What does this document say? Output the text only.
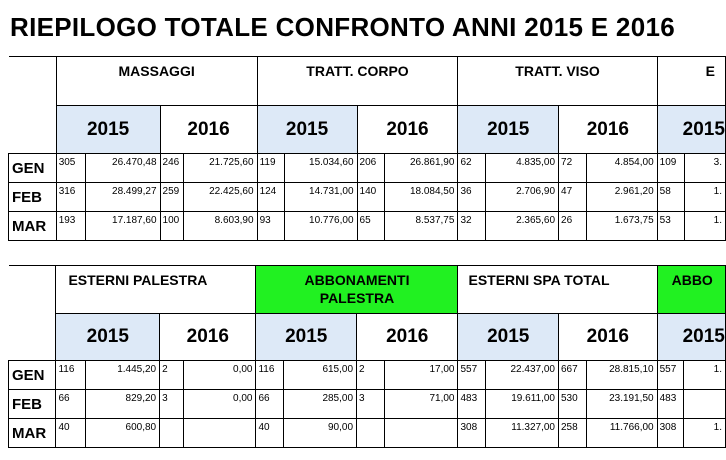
RIEPILOGO TOTALE CONFRONTO ANNI 2015 E 2016
	MASSAGGI				TRATT. CORPO				TRATT. VISO				E	
	2015		2016		2015		2016		2015		2016		2015	
GEN	305	26.470,48	246	21.725,60	119	15.034,60	206	26.861,90	62	4.835,00	72	4.854,00	109	3.
FEB	316	28.499,27	259	22.425,60	124	14.731,00	140	18.084,50	36	2.706,90	47	2.961,20	58	1.
MAR	193	17.187,60	100	8.603,90	93	10.776,00	65	8.537,75	32	2.365,60	26	1.673,75	53	1.
	ESTERNI PALESTRA				ABBONAMENTI PALESTRA				ESTERNI SPA TOTAL				ABBO	
	2015		2016		2015		2016		2015		2016		2015	
GEN	116	1.445,20	2	0,00	116	615,00	2	17,00	557	22.437,00	667	28.815,10	557	1.
FEB	66	829,20	3	0,00	66	285,00	3	71,00	483	19.611,00	530	23.191,50	483	
MAR	40	600,80			40	90,00			308	11.327,00	258	11.766,00	308	1.
